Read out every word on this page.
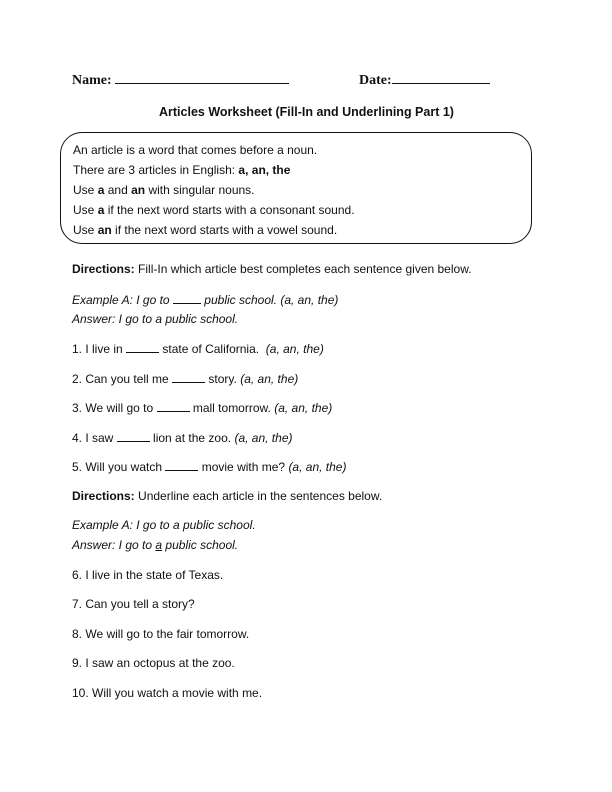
Name:	Date:
Articles Worksheet (Fill-In and Underlining Part 1)
An article is a word that comes before a noun.
There are 3 articles in English: a, an, the
Use a and an with singular nouns.
Use a if the next word starts with a consonant sound.
Use an if the next word starts with a vowel sound.
Directions: Fill-In which article best completes each sentence given below.
Example A: I go to	public school. (a, an, the)
Answer: I go to a public school.
1. I live in	state of California. (a, an, the)
2. Can you tell me	story. (a, an, the)
3. We will go to	mall tomorrow. (a, an, the)
4. I saw	lion at the zoo. (a, an, the)
5. Will you watch	movie with me? (a, an, the)
Directions: Underline each article in the sentences below.
Example A: I go to a public school.
Answer: I go to a public school.
6. I live in the state of Texas.
7. Can you tell a story?
8. We will go to the fair tomorrow.
9. I saw an octopus at the zoo.
10. Will you watch a movie with me.
